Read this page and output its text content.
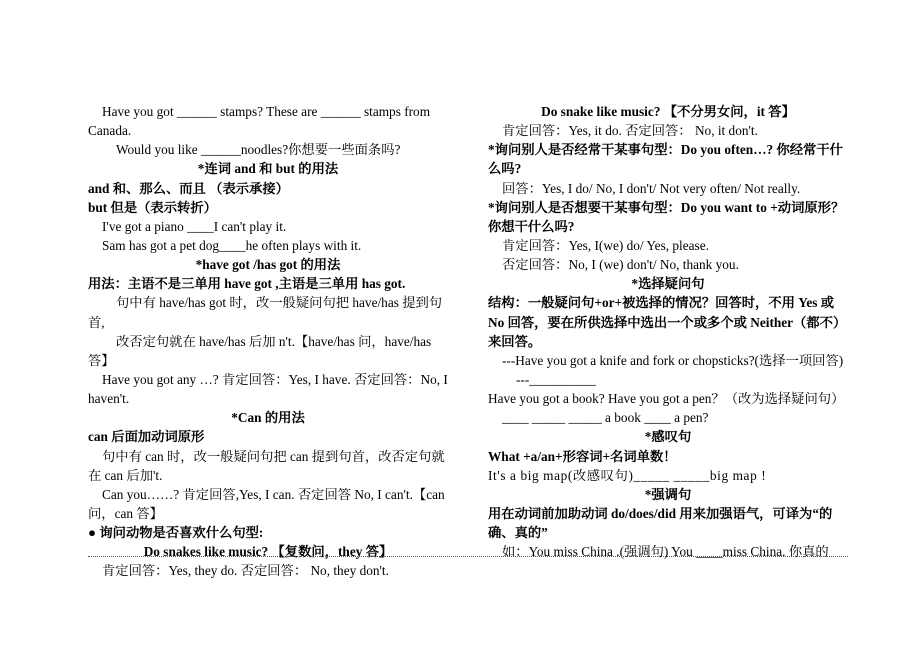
Have you got ______ stamps? These are ______ stamps from Canada.

Would you like ______noodles?你想要一些面条吗?

*连词 and 和 but 的用法

and 和、那么、而且 （表示承接）

but 但是（表示转折）

I've got a piano ____I can't play it.

Sam has got a pet dog____he often plays with it.

*have got /has got 的用法

用法：主语不是三单用 have got ,主语是三单用 has got.

句中有 have/has got 时，改一般疑问句把 have/has 提到句首,

改否定句就在 have/has 后加 n't.【have/has 问，have/has 答】

Have you got any …? 肯定回答：Yes, I have. 否定回答：No, I haven't.

*Can 的用法

can 后面加动词原形

句中有 can 时，改一般疑问句把 can 提到句首，改否定句就在 can 后加't.

Can you……? 肯定回答,Yes, I can. 否定回答 No, I can't.【can 问，can 答】

● 询问动物是否喜欢什么句型:

Do snakes like music? 【复数问，they 答】

肯定回答：Yes, they do. 否定回答： No, they don't.

Do snake like music? 【不分男女问，it 答】

肯定回答：Yes, it do. 否定回答： No, it don't.

*询问别人是否经常干某事句型：Do you often…? 你经常干什么吗?

回答：Yes, I do/ No, I don't/ Not very often/ Not really.

*询问别人是否想要干某事句型：Do you want to +动词原形？你想干什么吗?

肯定回答：Yes, I(we) do/ Yes, please.

否定回答：No, I (we) don't/ No, thank you.

*选择疑问句

结构：一般疑问句+or+被选择的情况？回答时，不用 Yes 或 No 回答，要在所供选择中选出一个或多个或 Neither（都不）来回答。

---Have you got a knife and fork or chopsticks?(选择一项回答)

---__________

Have you got a book? Have you got a pen？（改为选择疑问句）

____ _____ _____ a book ____ a pen?

*感叹句

What +a/an+形容词+名词单数！

It's a big map(改感叹句)_____ _____big map !

*强调句

用在动词前加助动词 do/does/did 用来加强语气，可译为“的确、真的”

如：You miss China .(强调句) You ____miss China. 你真的
